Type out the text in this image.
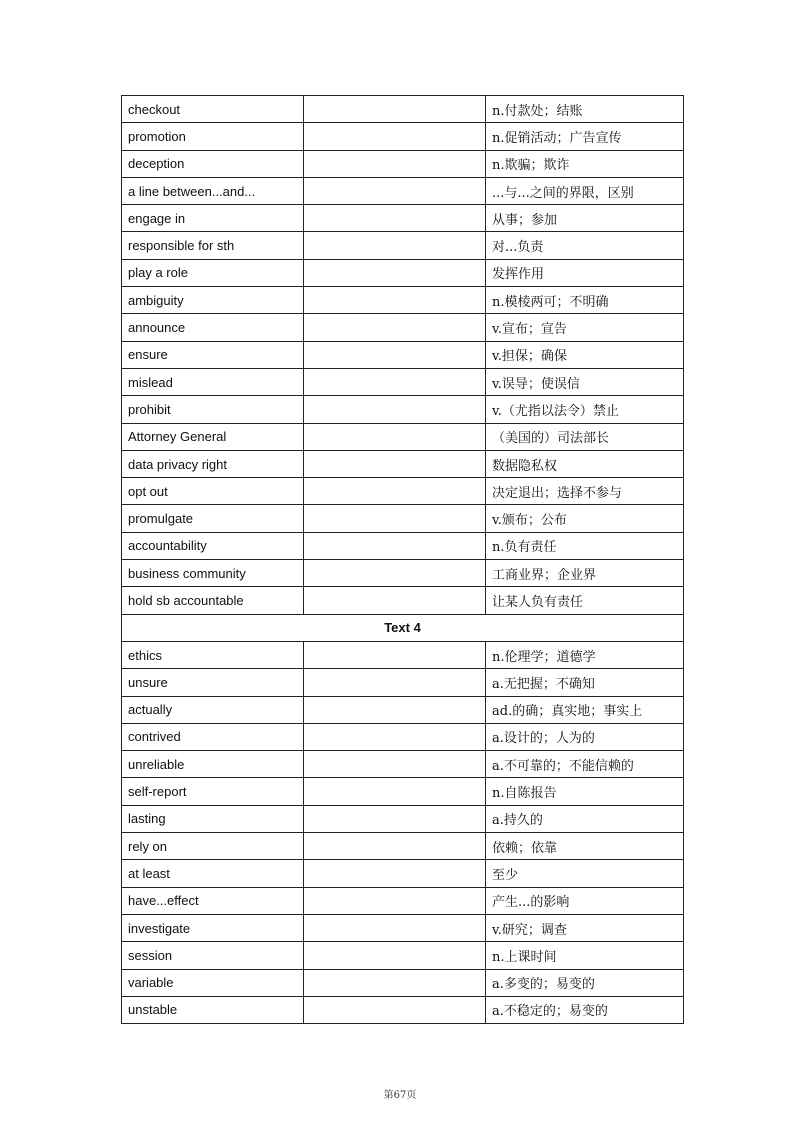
checkout		n.付款处；结账
promotion		n.促销活动；广告宣传
deception		n.欺骗；欺诈
a line between...and...		...与...之间的界限，区别
engage in		从事；参加
responsible for sth		对...负责
play a role		发挥作用
ambiguity		n.模棱两可；不明确
announce		v.宣布；宣告
ensure		v.担保；确保
mislead		v.误导；使误信
prohibit		v.（尤指以法令）禁止
Attorney General		（美国的）司法部长
data privacy right		数据隐私权
opt out		决定退出；选择不参与
promulgate		v.颁布；公布
accountability		n.负有责任
business community		工商业界；企业界
hold sb accountable		让某人负有责任
Text 4		
ethics		n.伦理学；道德学
unsure		a.无把握；不确知
actually		ad.的确；真实地；事实上
contrived		a.设计的；人为的
unreliable		a.不可靠的；不能信赖的
self-report		n.自陈报告
lasting		a.持久的
rely on		依赖；依靠
at least		至少
have...effect		产生...的影响
investigate		v.研究；调查
session		n.上课时间
variable		a.多变的；易变的
unstable		a.不稳定的；易变的
第67页
